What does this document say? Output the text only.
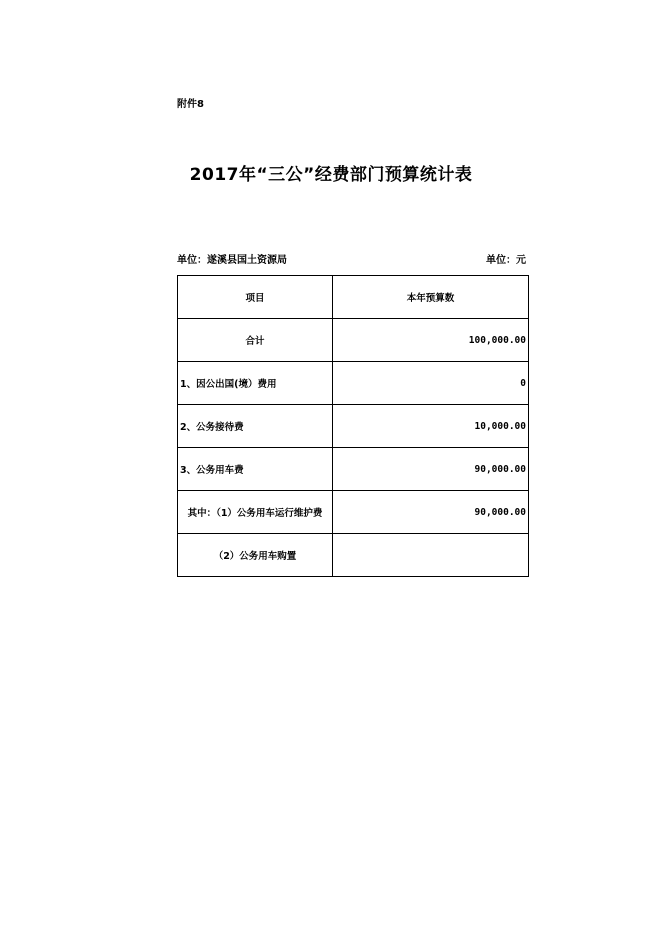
附件8
2017年“三公”经费部门预算统计表
单位：遂溪县国土资源局	单位：元
项目	本年预算数
合计	100,000.00
1、因公出国(境）费用	0
2、公务接待费	10,000.00
3、公务用车费	90,000.00
其中：（1）公务用车运行维护费	90,000.00
（2）公务用车购置	
